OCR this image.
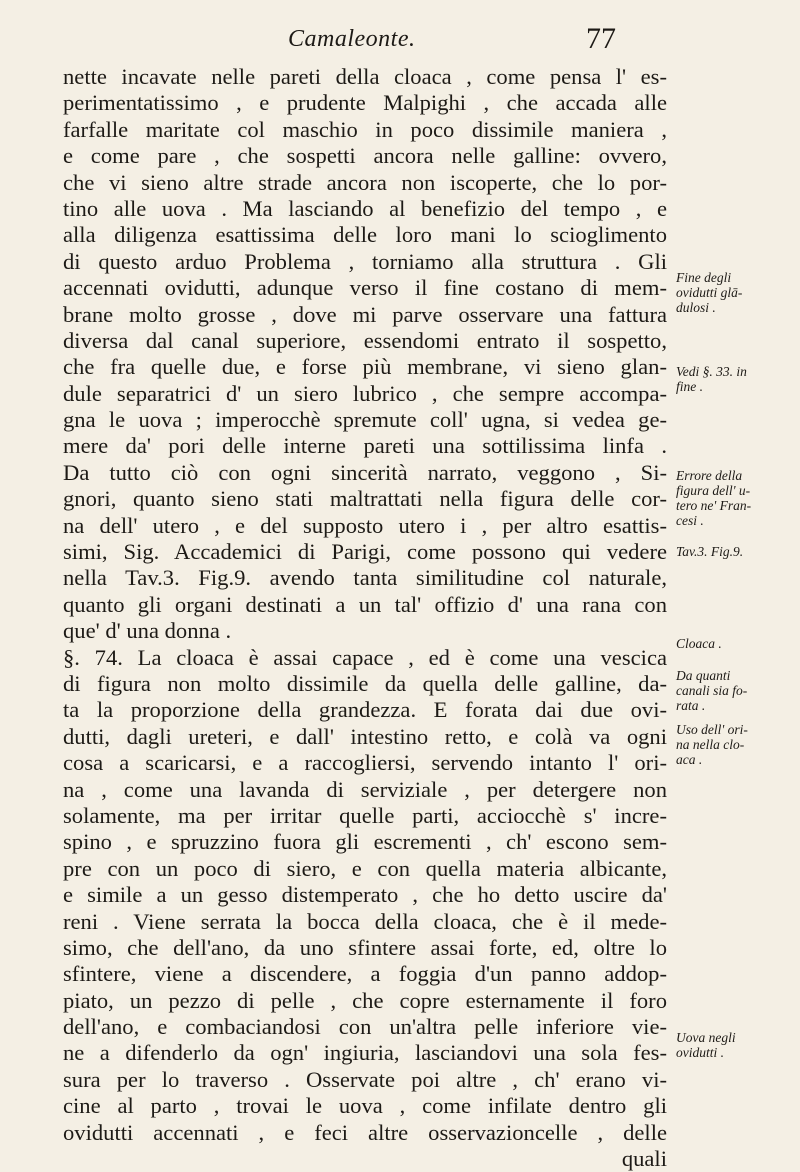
Camaleonte.	77
nette incavate nelle pareti della cloaca , come pensa l' es-
perimentatissimo , e prudente Malpighi , che accada alle
farfalle maritate col maschio in poco dissimile maniera ,
e come pare , che sospetti ancora nelle galline: ovvero,
che vi sieno altre strade ancora non iscoperte, che lo por-
tino alle uova . Ma lasciando al benefizio del tempo , e
alla diligenza esattissima delle loro mani lo scioglimento
di questo arduo Problema , torniamo alla struttura . Gli
accennati ovidutti, adunque verso il fine costano di mem-
brane molto grosse , dove mi parve osservare una fattura
diversa dal canal superiore, essendomi entrato il sospetto,
che fra quelle due, e forse più membrane, vi sieno glan-
dule separatrici d' un siero lubrico , che sempre accompa-
gna le uova ; imperocchè spremute coll' ugna, si vedea ge-
mere da' pori delle interne pareti una sottilissima linfa .
Da tutto ciò con ogni sincerità narrato, veggono , Si-
gnori, quanto sieno stati maltrattati nella figura delle cor-
na dell' utero , e del supposto utero i , per altro esattis-
simi, Sig. Accademici di Parigi, come possono qui vedere
nella Tav.3. Fig.9. avendo tanta similitudine col naturale,
quanto gli organi destinati a un tal' offizio d' una rana con
que' d' una donna .
§. 74. La cloaca è assai capace , ed è come una vescica
di figura non molto dissimile da quella delle galline, da-
ta la proporzione della grandezza. E forata dai due ovi-
dutti, dagli ureteri, e dall' intestino retto, e colà va ogni
cosa a scaricarsi, e a raccogliersi, servendo intanto l' ori-
na , come una lavanda di serviziale , per detergere non
solamente, ma per irritar quelle parti, acciocchè s' incre-
spino , e spruzzino fuora gli escrementi , ch' escono sem-
pre con un poco di siero, e con quella materia albicante,
e simile a un gesso distemperato , che ho detto uscire da'
reni . Viene serrata la bocca della cloaca, che è il mede-
simo, che dell'ano, da uno sfintere assai forte, ed, oltre lo
sfintere, viene a discendere, a foggia d'un panno addop-
piato, un pezzo di pelle , che copre esternamente il foro
dell'ano, e combaciandosi con un'altra pelle inferiore vie-
ne a difenderlo da ogn' ingiuria, lasciandovi una sola fes-
sura per lo traverso . Osservate poi altre , ch' erano vi-
cine al parto , trovai le uova , come infilate dentro gli
ovidutti accennati , e feci altre osservazioncelle , delle
quali
Fine degli
ovidutti glā-
dulosi .
Vedi §. 33. in
fine .
Errore della
figura dell' u-
tero ne' Fran-
cesi .
Tav.3. Fig.9.
Cloaca .
Da quanti
canali sia fo-
rata .
Uso dell' ori-
na nella clo-
aca .
Uova negli
ovidutti .
